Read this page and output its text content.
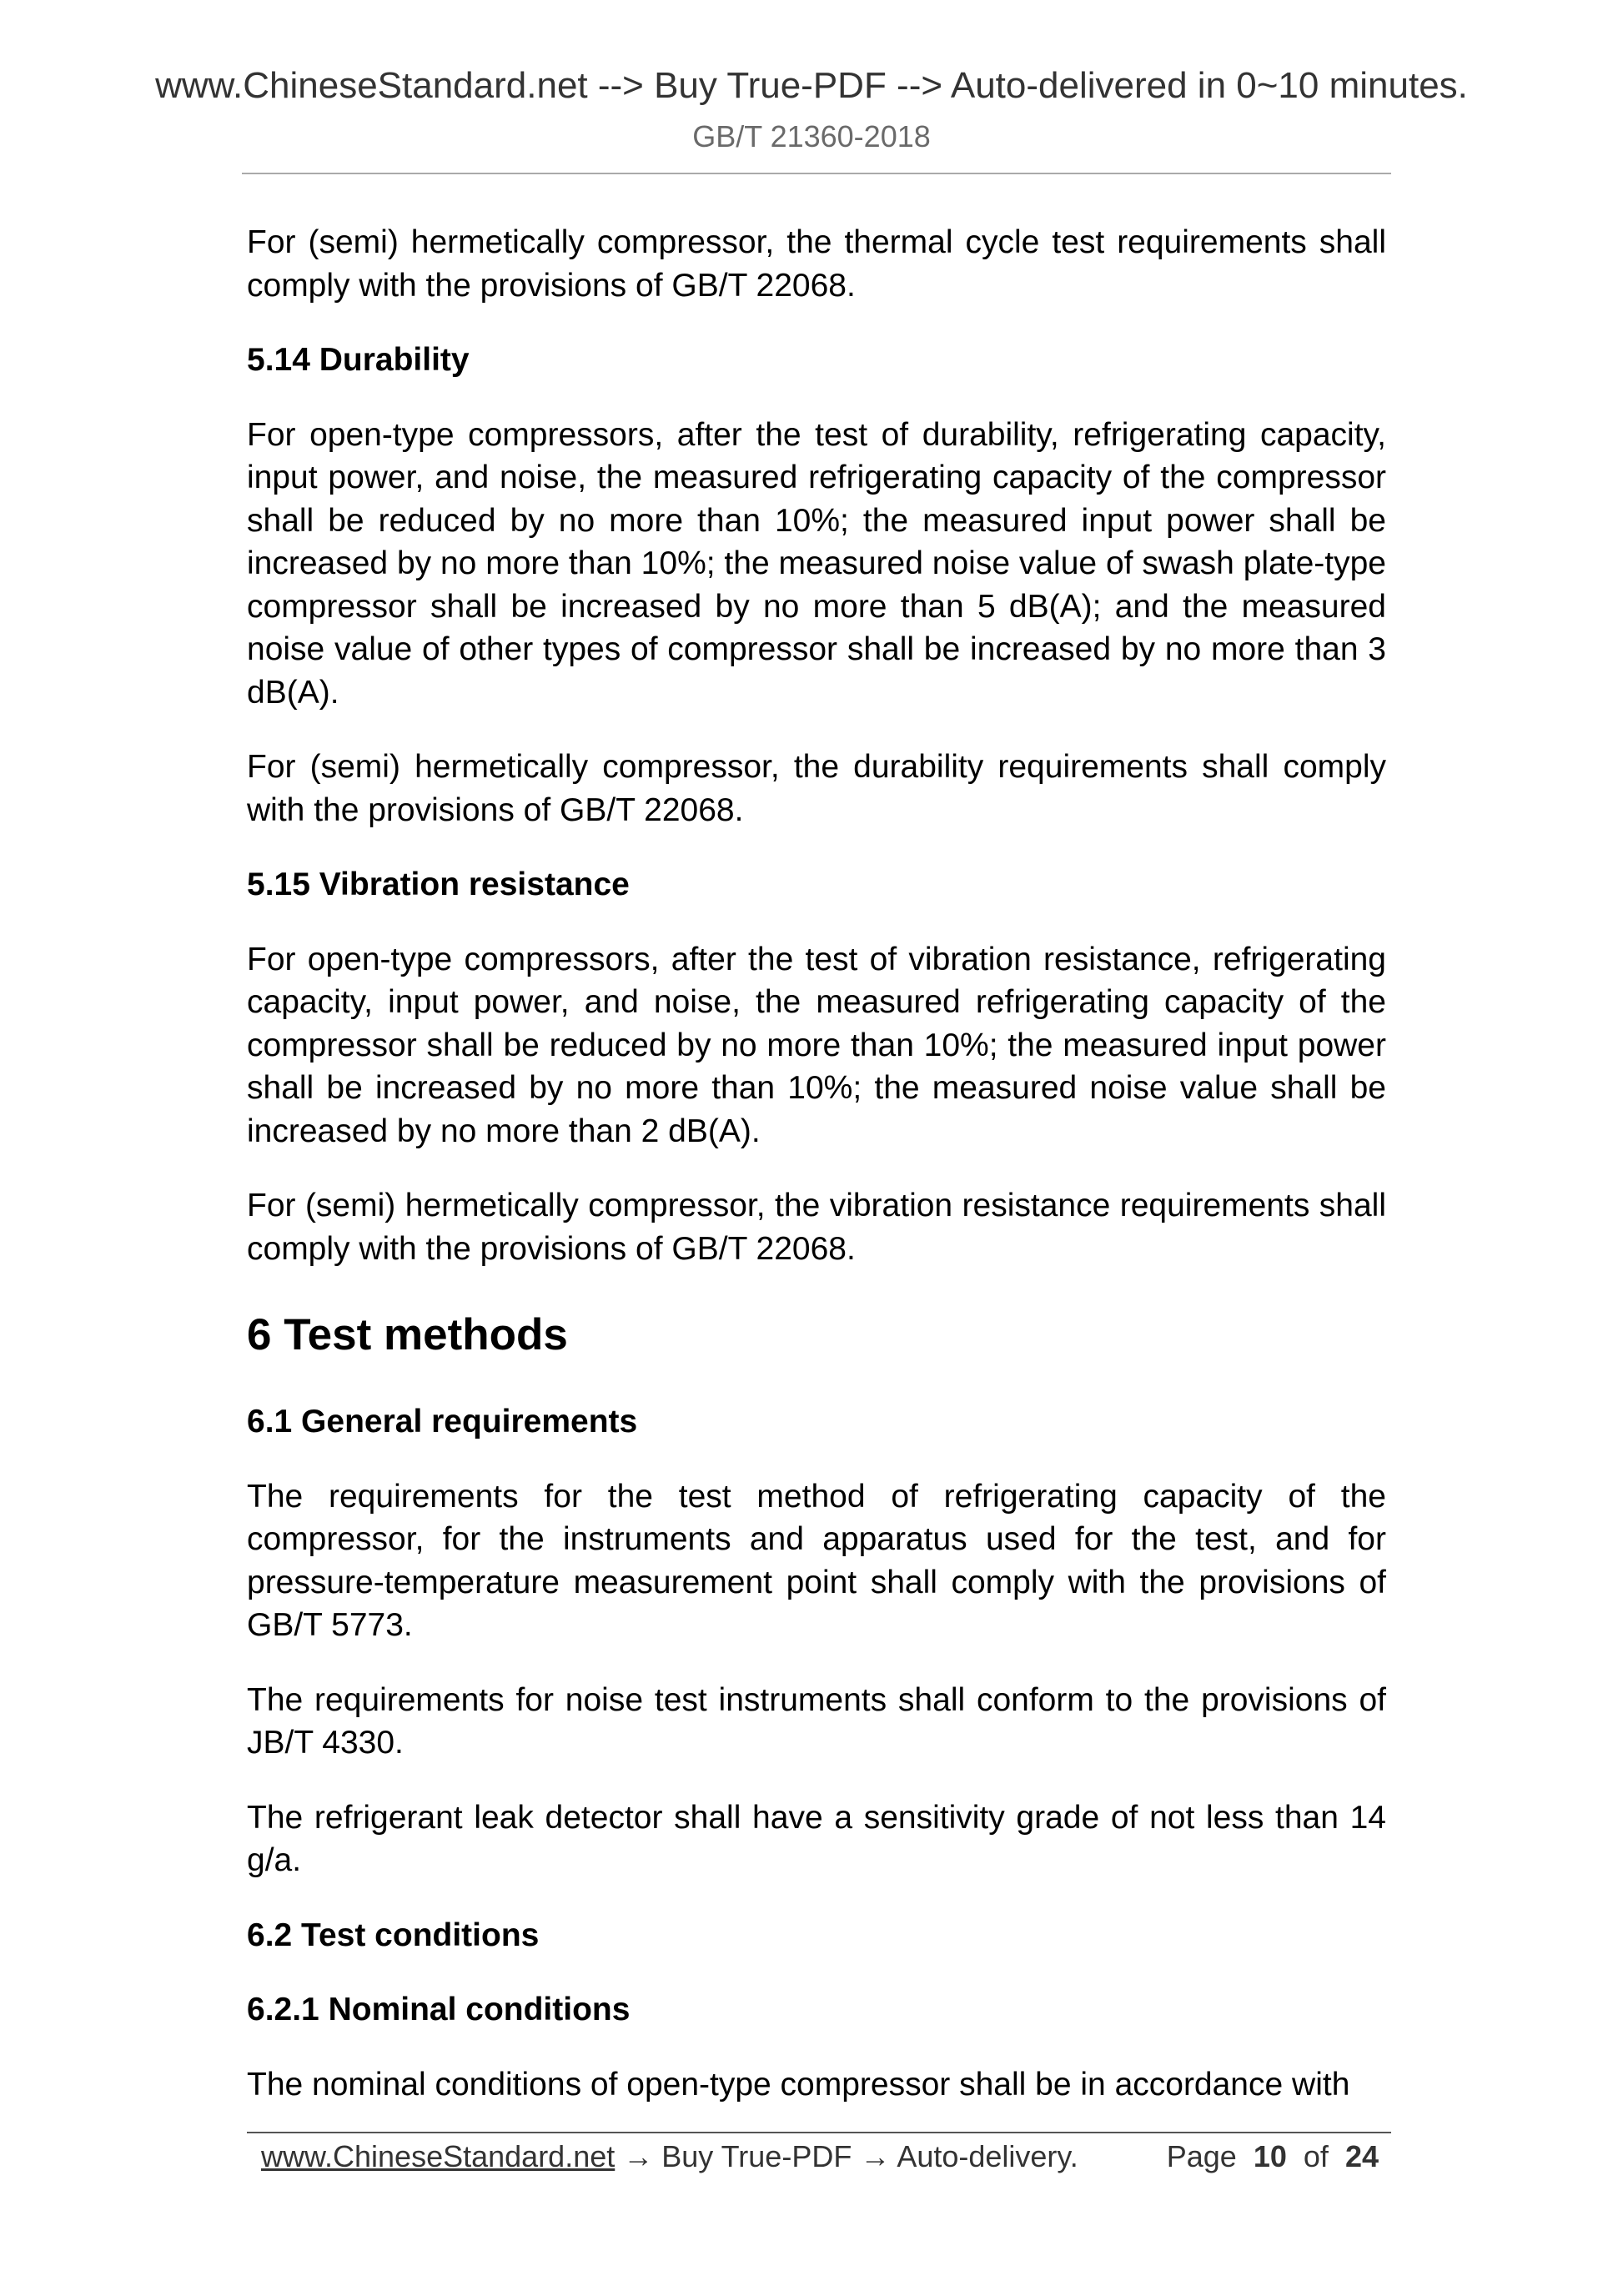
www.ChineseStandard.net --> Buy True-PDF --> Auto-delivered in 0~10 minutes.
GB/T 21360-2018

For (semi) hermetically compressor, the thermal cycle test requirements shall comply with the provisions of GB/T 22068.

5.14 Durability

For open-type compressors, after the test of durability, refrigerating capacity, input power, and noise, the measured refrigerating capacity of the compressor shall be reduced by no more than 10%; the measured input power shall be increased by no more than 10%; the measured noise value of swash plate-type compressor shall be increased by no more than 5 dB(A); and the measured noise value of other types of compressor shall be increased by no more than 3 dB(A).

For (semi) hermetically compressor, the durability requirements shall comply with the provisions of GB/T 22068.

5.15 Vibration resistance

For open-type compressors, after the test of vibration resistance, refrigerating capacity, input power, and noise, the measured refrigerating capacity of the compressor shall be reduced by no more than 10%; the measured input power shall be increased by no more than 10%; the measured noise value shall be increased by no more than 2 dB(A).

For (semi) hermetically compressor, the vibration resistance requirements shall comply with the provisions of GB/T 22068.

6 Test methods

6.1 General requirements

The requirements for the test method of refrigerating capacity of the compressor, for the instruments and apparatus used for the test, and for pressure-temperature measurement point shall comply with the provisions of GB/T 5773.

The requirements for noise test instruments shall conform to the provisions of JB/T 4330.

The refrigerant leak detector shall have a sensitivity grade of not less than 14 g/a.

6.2 Test conditions

6.2.1 Nominal conditions

The nominal conditions of open-type compressor shall be in accordance with

www.ChineseStandard.net → Buy True-PDF → Auto-delivery.	Page 10 of 24
